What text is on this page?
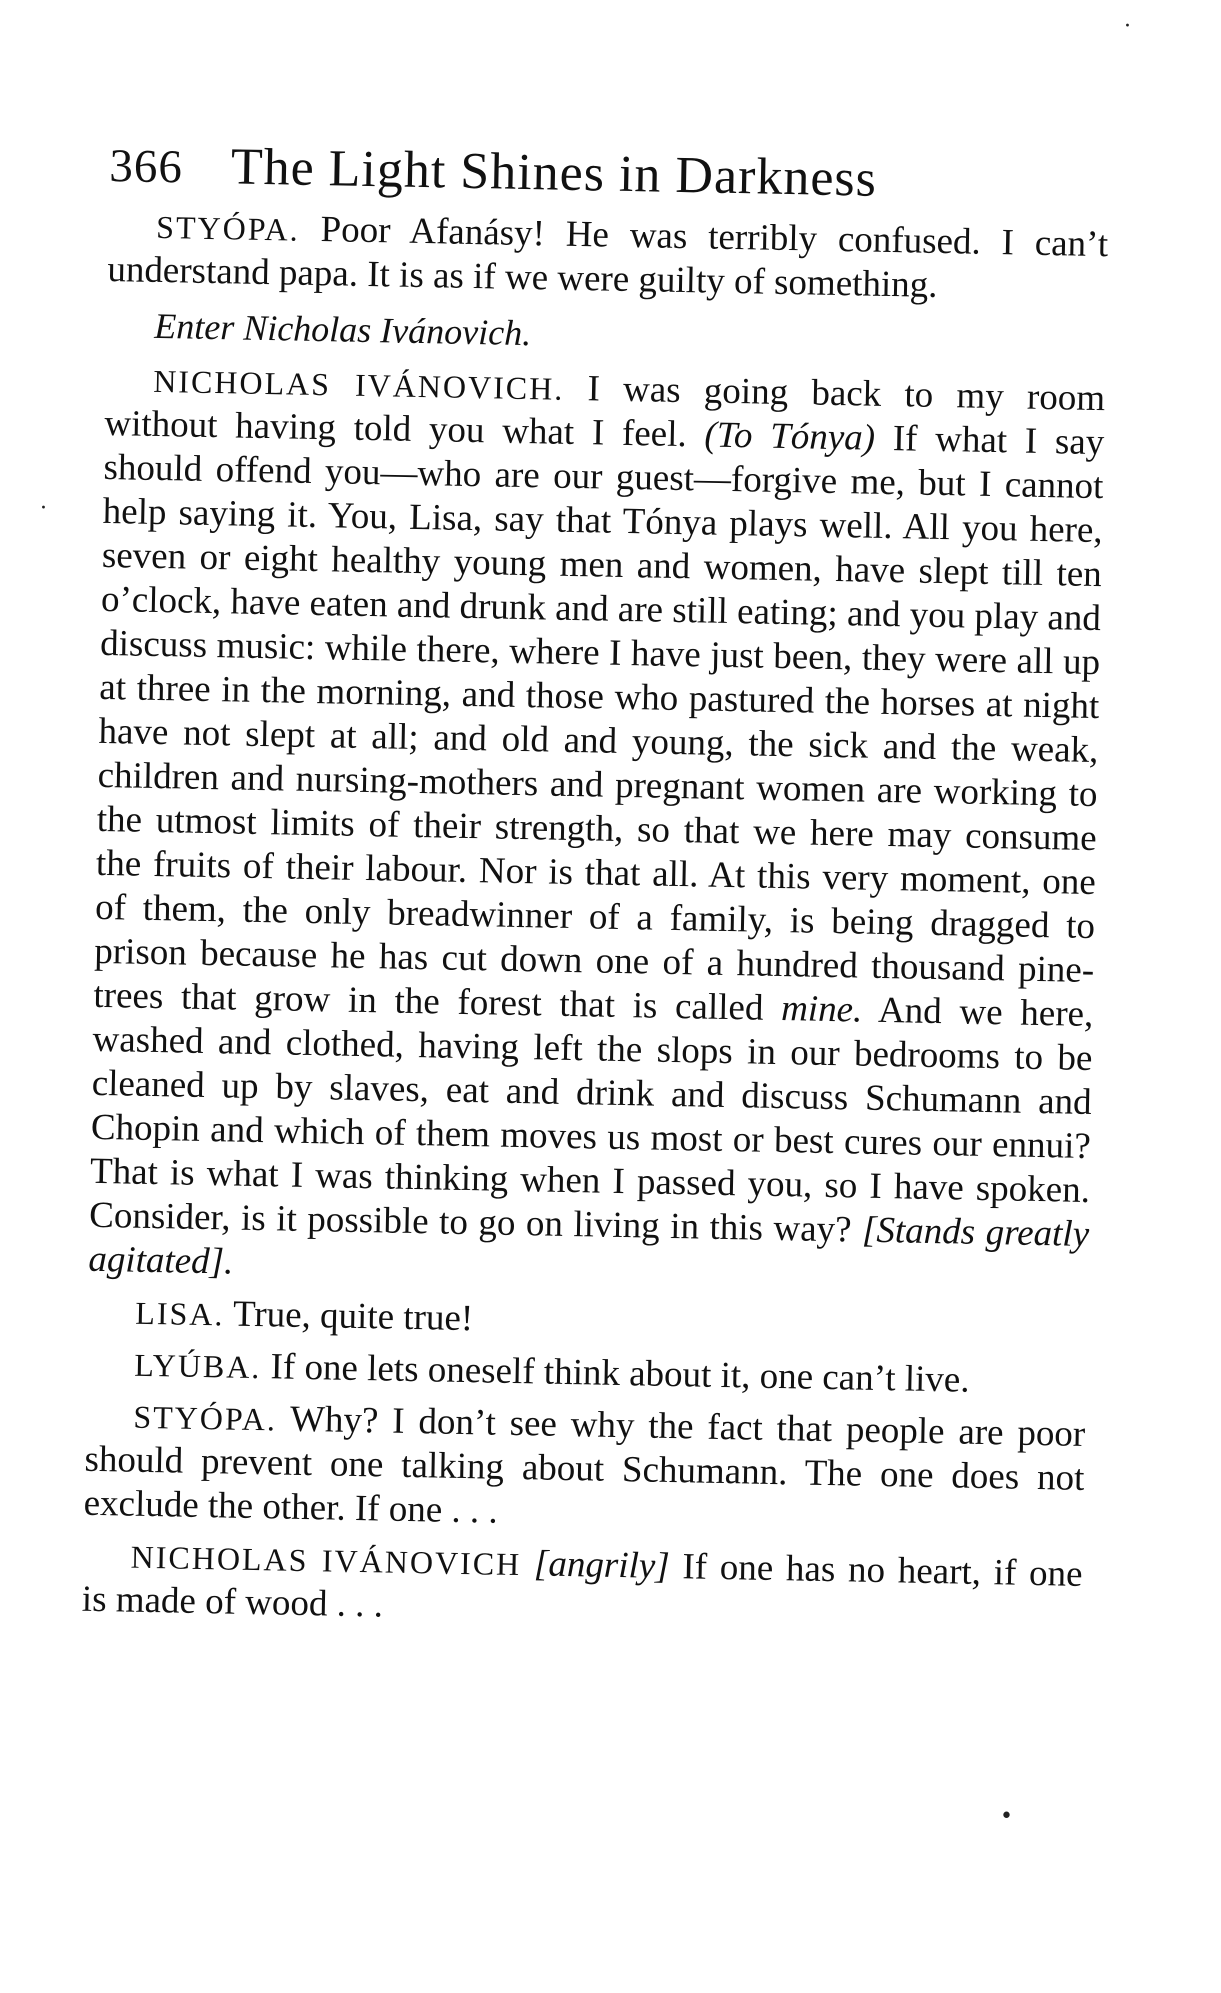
·
·
•
366 The Light Shines in Darkness

STYÓPA. Poor Afanásy! He was terribly confused. I can’t understand papa. It is as if we were guilty of something.

Enter Nicholas Ivánovich.

NICHOLAS IVÁNOVICH. I was going back to my room without having told you what I feel. (To Tónya) If what I say should offend you—who are our guest—forgive me, but I cannot help saying it. You, Lisa, say that Tónya plays well. All you here, seven or eight healthy young men and women, have slept till ten o’clock, have eaten and drunk and are still eating; and you play and discuss music: while there, where I have just been, they were all up at three in the morning, and those who pastured the horses at night have not slept at all; and old and young, the sick and the weak, children and nursing-mothers and pregnant women are working to the utmost limits of their strength, so that we here may consume the fruits of their labour. Nor is that all. At this very moment, one of them, the only breadwinner of a family, is being dragged to prison because he has cut down one of a hundred thousand pine-trees that grow in the forest that is called mine. And we here, washed and clothed, having left the slops in our bedrooms to be cleaned up by slaves, eat and drink and discuss Schumann and Chopin and which of them moves us most or best cures our ennui? That is what I was thinking when I passed you, so I have spoken. Consider, is it possible to go on living in this way? [Stands greatly agitated].

LISA. True, quite true!

LYÚBA. If one lets oneself think about it, one can’t live.

STYÓPA. Why? I don’t see why the fact that people are poor should prevent one talking about Schumann. The one does not exclude the other. If one . . .

NICHOLAS IVÁNOVICH [angrily] If one has no heart, if one is made of wood . . .
